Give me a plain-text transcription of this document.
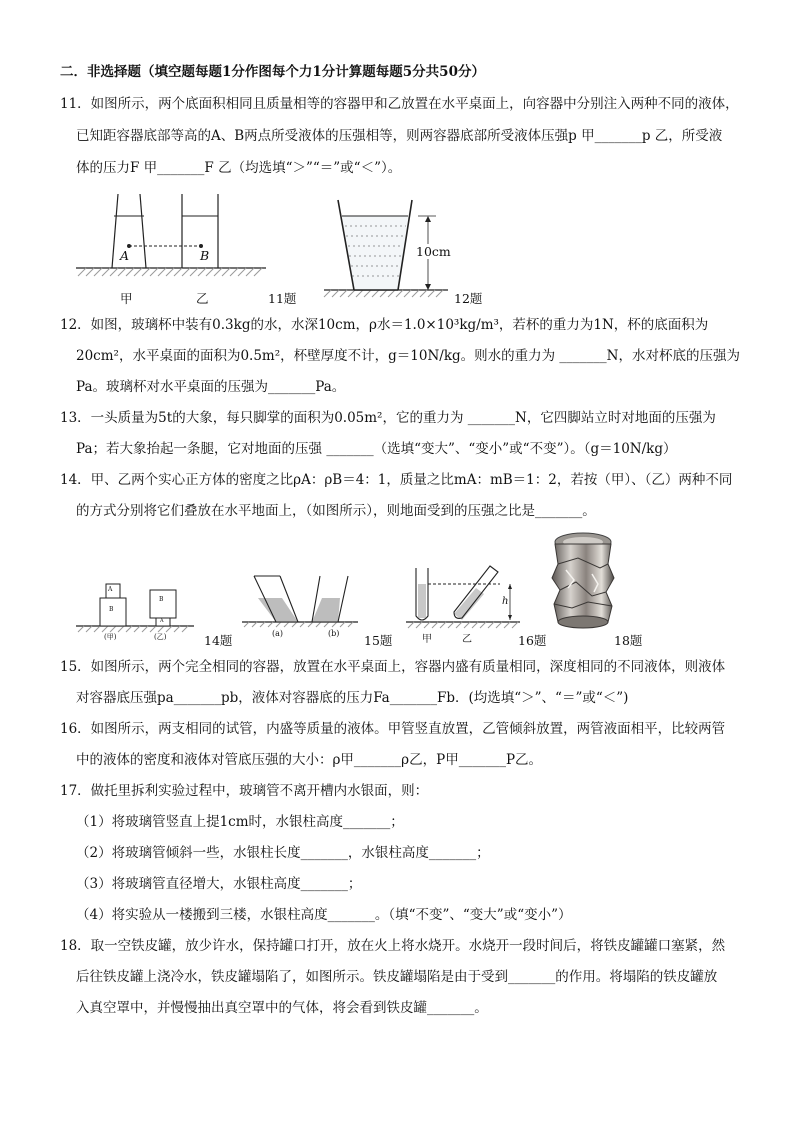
二．非选择题（填空题每题1分作图每个力1分计算题每题5分共50分）
11．如图所示，两个底面积相同且质量相等的容器甲和乙放置在水平桌面上，向容器中分别注入两种不同的液体，
已知距容器底部等高的A、B两点所受液体的压强相等，则两容器底部所受液体压强p 甲_______p 乙，所受液
体的压力F 甲_______F 乙（均选填“＞”“＝”或“＜”）。
A	B
甲	乙	11题
10cm
12题
12．如图，玻璃杯中装有0.3kg的水，水深10cm，ρ水＝1.0×10³kg/m³，若杯的重力为1N，杯的底面积为
20cm²，水平桌面的面积为0.5m²，杯壁厚度不计，g＝10N/kg。则水的重力为 _______N，水对杯底的压强为
Pa。玻璃杯对水平桌面的压强为_______Pa。
13．一头质量为5t的大象，每只脚掌的面积为0.05m²，它的重力为 _______N，它四脚站立时对地面的压强为
Pa；若大象抬起一条腿，它对地面的压强 _______（选填“变大”、“变小”或“不变”）。（g＝10N/kg）
14．甲、乙两个实心正方体的密度之比ρA：ρB＝4：1，质量之比mA：mB＝1：2，若按（甲）、（乙）两种不同
的方式分别将它们叠放在水平地面上，（如图所示），则地面受到的压强之比是_______。
A
B
B
A
(甲)	(乙)	14题	(a)	(b) 15题
h
甲	乙	16题	18题
15．如图所示，两个完全相同的容器，放置在水平桌面上，容器内盛有质量相同，深度相同的不同液体，则液体
对容器底压强pa_______pb，液体对容器底的压力Fa_______Fb．(均选填“＞”、“＝”或“＜”)
16．如图所示，两支相同的试管，内盛等质量的液体。甲管竖直放置，乙管倾斜放置，两管液面相平，比较两管
中的液体的密度和液体对管底压强的大小：ρ甲_______ρ乙，P甲_______P乙。
17．做托里拆利实验过程中，玻璃管不离开槽内水银面，则：
（1）将玻璃管竖直上提1cm时，水银柱高度_______；
（2）将玻璃管倾斜一些，水银柱长度_______，水银柱高度_______；
（3）将玻璃管直径增大，水银柱高度_______；
（4）将实验从一楼搬到三楼，水银柱高度_______。（填“不变”、“变大”或“变小”）
18．取一空铁皮罐，放少许水，保持罐口打开，放在火上将水烧开。水烧开一段时间后，将铁皮罐罐口塞紧，然
后往铁皮罐上浇冷水，铁皮罐塌陷了，如图所示。铁皮罐塌陷是由于受到_______的作用。将塌陷的铁皮罐放
入真空罩中，并慢慢抽出真空罩中的气体，将会看到铁皮罐_______。
